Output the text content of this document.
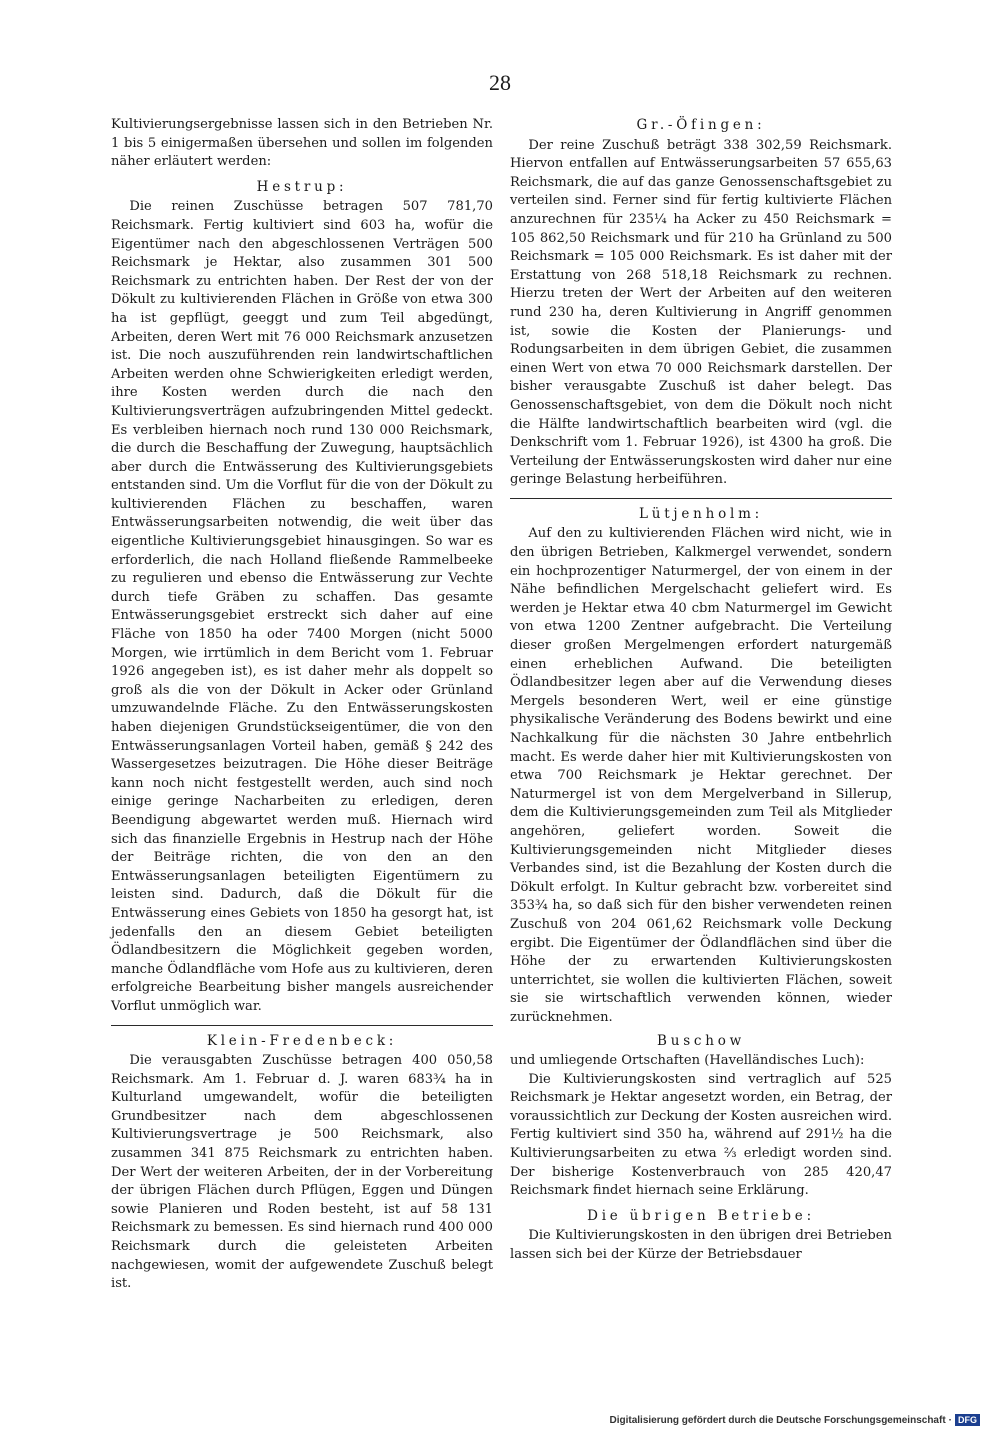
28

Kultivierungsergebnisse lassen sich in den Betrieben Nr. 1 bis 5 einigermaßen übersehen und sollen im folgenden näher erläutert werden:

Hestrup:

Die reinen Zuschüsse betragen 507 781,70 Reichsmark. Fertig kultiviert sind 603 ha, wofür die Eigentümer nach den abgeschlossenen Verträgen 500 Reichsmark je Hektar, also zusammen 301 500 Reichsmark zu entrichten haben. Der Rest der von der Dökult zu kultivierenden Flächen in Größe von etwa 300 ha ist gepflügt, geeggt und zum Teil abgedüngt, Arbeiten, deren Wert mit 76 000 Reichsmark anzusetzen ist. Die noch auszuführenden rein landwirtschaftlichen Arbeiten werden ohne Schwierigkeiten erledigt werden, ihre Kosten werden durch die nach den Kultivierungsverträgen aufzubringenden Mittel gedeckt. Es verbleiben hiernach noch rund 130 000 Reichsmark, die durch die Beschaffung der Zuwegung, hauptsächlich aber durch die Entwässerung des Kultivierungsgebiets entstanden sind. Um die Vorflut für die von der Dökult zu kultivierenden Flächen zu beschaffen, waren Entwässerungsarbeiten notwendig, die weit über das eigentliche Kultivierungsgebiet hinausgingen. So war es erforderlich, die nach Holland fließende Rammelbeeke zu regulieren und ebenso die Entwässerung zur Vechte durch tiefe Gräben zu schaffen. Das gesamte Entwässerungsgebiet erstreckt sich daher auf eine Fläche von 1850 ha oder 7400 Morgen (nicht 5000 Morgen, wie irrtümlich in dem Bericht vom 1. Februar 1926 angegeben ist), es ist daher mehr als doppelt so groß als die von der Dökult in Acker oder Grünland umzuwandelnde Fläche. Zu den Entwässerungskosten haben diejenigen Grundstückseigentümer, die von den Entwässerungsanlagen Vorteil haben, gemäß § 242 des Wassergesetzes beizutragen. Die Höhe dieser Beiträge kann noch nicht festgestellt werden, auch sind noch einige geringe Nacharbeiten zu erledigen, deren Beendigung abgewartet werden muß. Hiernach wird sich das finanzielle Ergebnis in Hestrup nach der Höhe der Beiträge richten, die von den an den Entwässerungsanlagen beteiligten Eigentümern zu leisten sind. Dadurch, daß die Dökult für die Entwässerung eines Gebiets von 1850 ha gesorgt hat, ist jedenfalls den an diesem Gebiet beteiligten Ödlandbesitzern die Möglichkeit gegeben worden, manche Ödlandfläche vom Hofe aus zu kultivieren, deren erfolgreiche Bearbeitung bisher mangels ausreichender Vorflut unmöglich war.

Klein-Fredenbeck:

Die verausgabten Zuschüsse betragen 400 050,58 Reichsmark. Am 1. Februar d. J. waren 683¾ ha in Kulturland umgewandelt, wofür die beteiligten Grundbesitzer nach dem abgeschlossenen Kultivierungsvertrage je 500 Reichsmark, also zusammen 341 875 Reichsmark zu entrichten haben. Der Wert der weiteren Arbeiten, der in der Vorbereitung der übrigen Flächen durch Pflügen, Eggen und Düngen sowie Planieren und Roden besteht, ist auf 58 131 Reichsmark zu bemessen. Es sind hiernach rund 400 000 Reichsmark durch die geleisteten Arbeiten nachgewiesen, womit der aufgewendete Zuschuß belegt ist.

Gr.-Öfingen:

Der reine Zuschuß beträgt 338 302,59 Reichsmark. Hiervon entfallen auf Entwässerungsarbeiten 57 655,63 Reichsmark, die auf das ganze Genossenschaftsgebiet zu verteilen sind. Ferner sind für fertig kultivierte Flächen anzurechnen für 235¼ ha Acker zu 450 Reichsmark = 105 862,50 Reichsmark und für 210 ha Grünland zu 500 Reichsmark = 105 000 Reichsmark. Es ist daher mit der Erstattung von 268 518,18 Reichsmark zu rechnen. Hierzu treten der Wert der Arbeiten auf den weiteren rund 230 ha, deren Kultivierung in Angriff genommen ist, sowie die Kosten der Planierungs- und Rodungsarbeiten in dem übrigen Gebiet, die zusammen einen Wert von etwa 70 000 Reichsmark darstellen. Der bisher verausgabte Zuschuß ist daher belegt. Das Genossenschaftsgebiet, von dem die Dökult noch nicht die Hälfte landwirtschaftlich bearbeiten wird (vgl. die Denkschrift vom 1. Februar 1926), ist 4300 ha groß. Die Verteilung der Entwässerungskosten wird daher nur eine geringe Belastung herbeiführen.

Lütjenholm:

Auf den zu kultivierenden Flächen wird nicht, wie in den übrigen Betrieben, Kalkmergel verwendet, sondern ein hochprozentiger Naturmergel, der von einem in der Nähe befindlichen Mergelschacht geliefert wird. Es werden je Hektar etwa 40 cbm Naturmergel im Gewicht von etwa 1200 Zentner aufgebracht. Die Verteilung dieser großen Mergelmengen erfordert naturgemäß einen erheblichen Aufwand. Die beteiligten Ödlandbesitzer legen aber auf die Verwendung dieses Mergels besonderen Wert, weil er eine günstige physikalische Veränderung des Bodens bewirkt und eine Nachkalkung für die nächsten 30 Jahre entbehrlich macht. Es werde daher hier mit Kultivierungskosten von etwa 700 Reichsmark je Hektar gerechnet. Der Naturmergel ist von dem Mergelverband in Sillerup, dem die Kultivierungsgemeinden zum Teil als Mitglieder angehören, geliefert worden. Soweit die Kultivierungsgemeinden nicht Mitglieder dieses Verbandes sind, ist die Bezahlung der Kosten durch die Dökult erfolgt. In Kultur gebracht bzw. vorbereitet sind 353¾ ha, so daß sich für den bisher verwendeten reinen Zuschuß von 204 061,62 Reichsmark volle Deckung ergibt. Die Eigentümer der Ödlandflächen sind über die Höhe der zu erwartenden Kultivierungskosten unterrichtet, sie wollen die kultivierten Flächen, soweit sie sie wirtschaftlich verwenden können, wieder zurücknehmen.

Buschow

und umliegende Ortschaften (Havelländisches Luch):

Die Kultivierungskosten sind vertraglich auf 525 Reichsmark je Hektar angesetzt worden, ein Betrag, der voraussichtlich zur Deckung der Kosten ausreichen wird. Fertig kultiviert sind 350 ha, während auf 291½ ha die Kultivierungsarbeiten zu etwa ⅔ erledigt worden sind. Der bisherige Kostenverbrauch von 285 420,47 Reichsmark findet hiernach seine Erklärung.

Die übrigen Betriebe:

Die Kultivierungskosten in den übrigen drei Betrieben lassen sich bei der Kürze der Betriebsdauer

Digitalisierung gefördert durch die Deutsche Forschungsgemeinschaft · DFG
